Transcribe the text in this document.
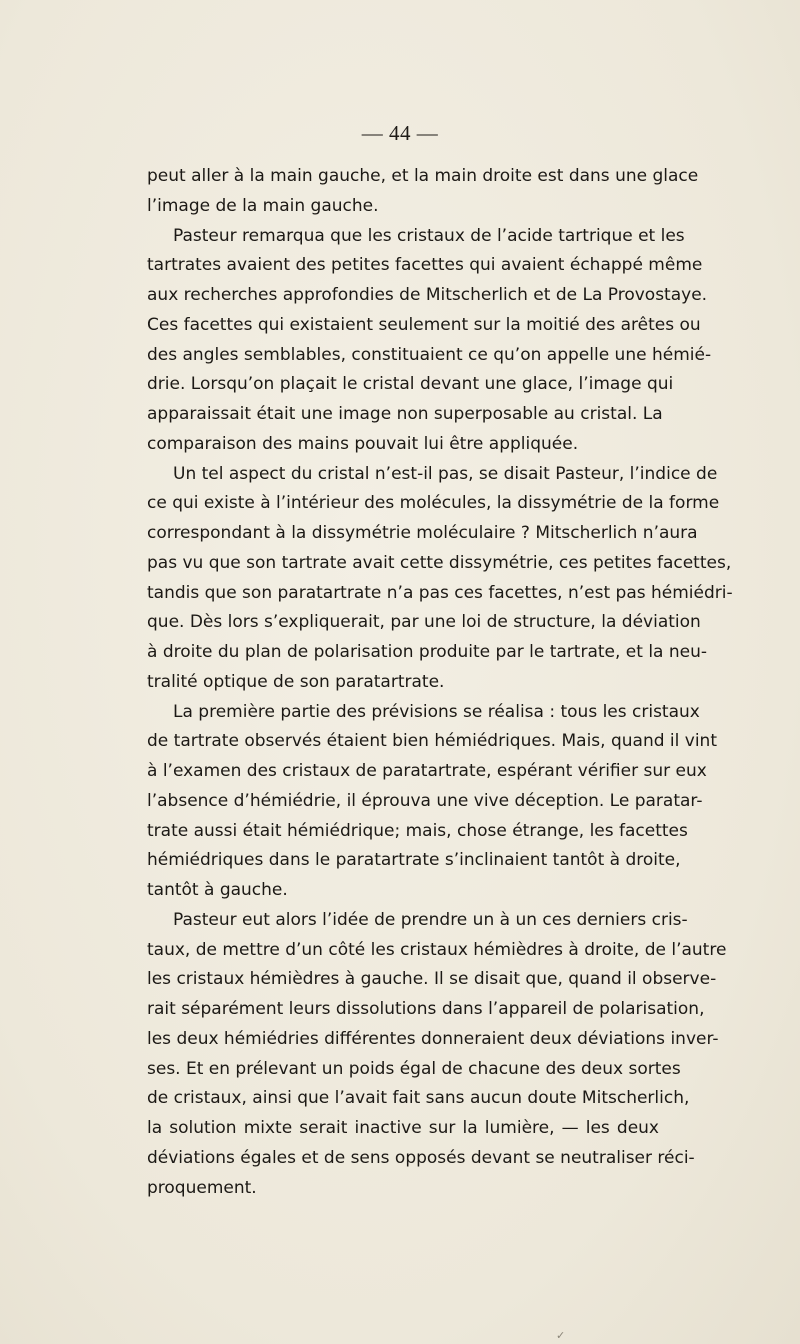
— 44 —
peut aller à la main gauche, et la main droite est dans une glace
l’image de la main gauche.
Pasteur remarqua que les cristaux de l’acide tartrique et les
tartrates avaient des petites facettes qui avaient échappé même
aux recherches approfondies de Mitscherlich et de La Provostaye.
Ces facettes qui existaient seulement sur la moitié des arêtes ou
des angles semblables, constituaient ce qu’on appelle une hémié-
drie. Lorsqu’on plaçait le cristal devant une glace, l’image qui
apparaissait était une image non superposable au cristal. La
comparaison des mains pouvait lui être appliquée.
Un tel aspect du cristal n’est-il pas, se disait Pasteur, l’indice de
ce qui existe à l’intérieur des molécules, la dissymétrie de la forme
correspondant à la dissymétrie moléculaire ? Mitscherlich n’aura
pas vu que son tartrate avait cette dissymétrie, ces petites facettes,
tandis que son paratartrate n’a pas ces facettes, n’est pas hémiédri-
que. Dès lors s’expliquerait, par une loi de structure, la déviation
à droite du plan de polarisation produite par le tartrate, et la neu-
tralité optique de son paratartrate.
La première partie des prévisions se réalisa : tous les cristaux
de tartrate observés étaient bien hémiédriques. Mais, quand il vint
à l’examen des cristaux de paratartrate, espérant vérifier sur eux
l’absence d’hémiédrie, il éprouva une vive déception. Le paratar-
trate aussi était hémiédrique; mais, chose étrange, les facettes
hémiédriques dans le paratartrate s’inclinaient tantôt à droite,
tantôt à gauche.
Pasteur eut alors l’idée de prendre un à un ces derniers cris-
taux, de mettre d’un côté les cristaux hémièdres à droite, de l’autre
les cristaux hémièdres à gauche. Il se disait que, quand il observe-
rait séparément leurs dissolutions dans l’appareil de polarisation,
les deux hémiédries différentes donneraient deux déviations inver-
ses. Et en prélevant un poids égal de chacune des deux sortes
de cristaux, ainsi que l’avait fait sans aucun doute Mitscherlich,
la solution mixte serait inactive sur la lumière, — les deux
déviations égales et de sens opposés devant se neutraliser réci-
proquement.
✓
